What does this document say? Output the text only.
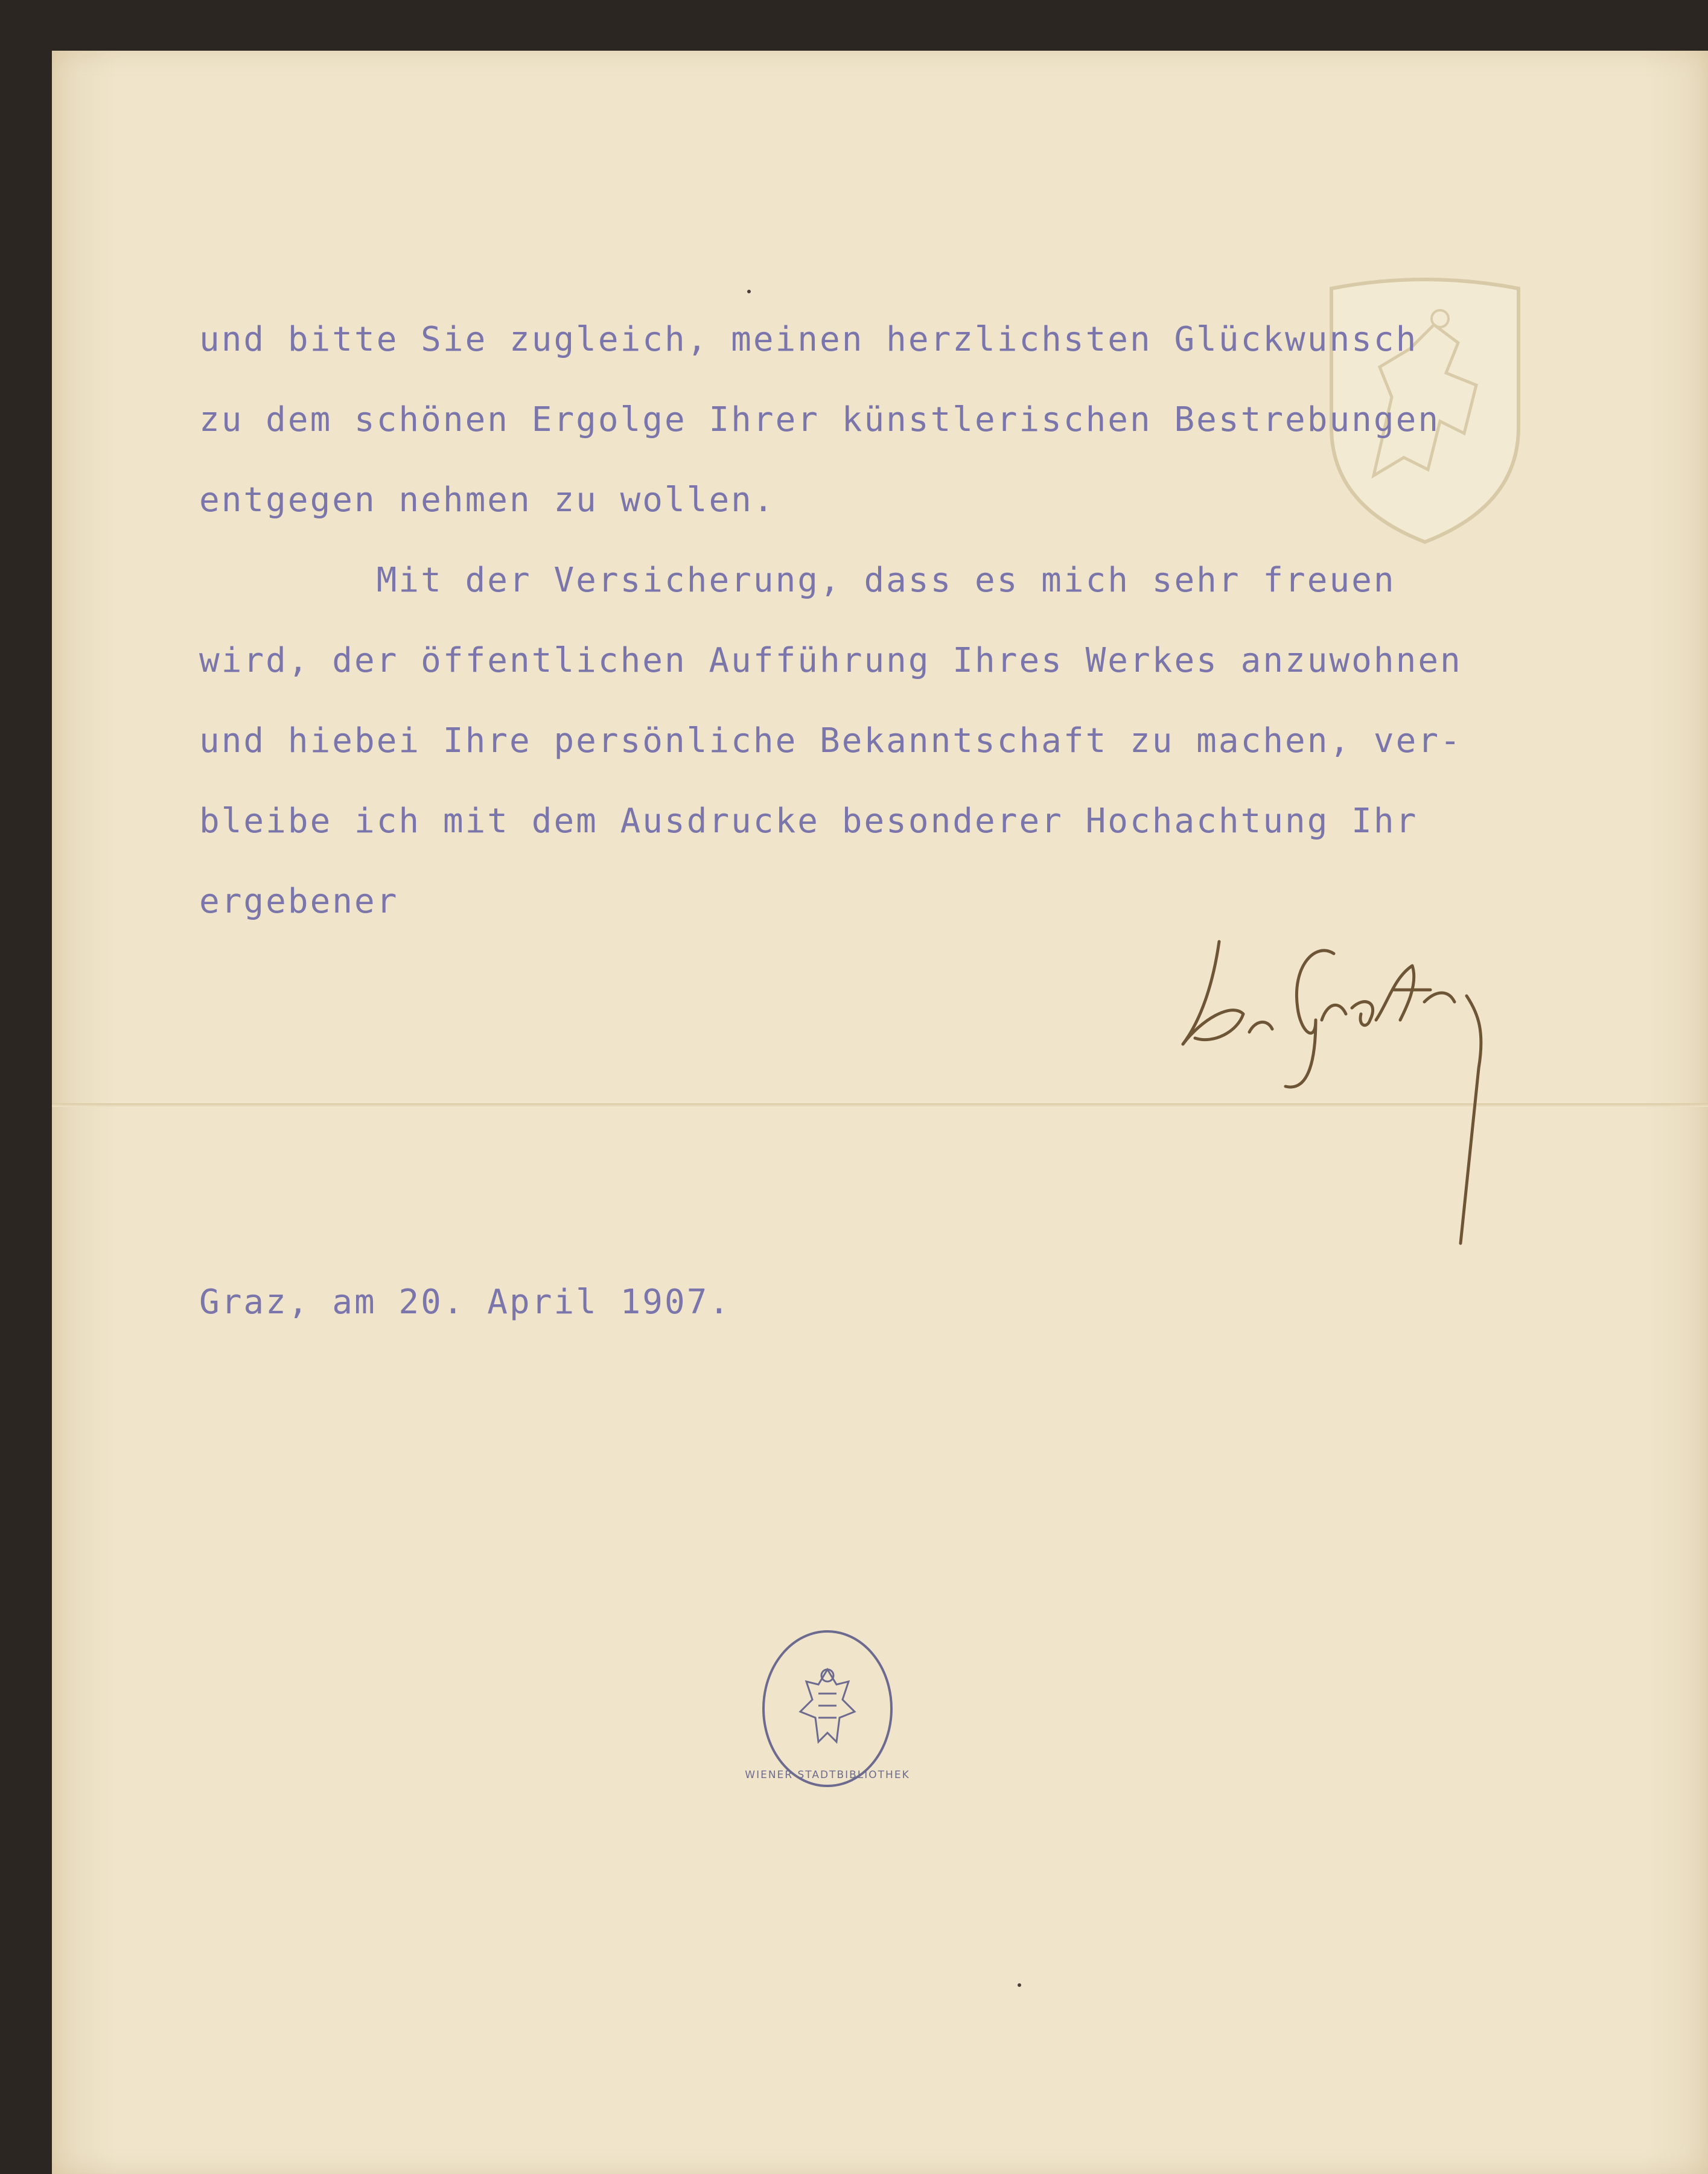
und bitte Sie zugleich, meinen herzlichsten Glückwunsch

zu dem schönen Ergolge Ihrer künstlerischen Bestrebungen

entgegen nehmen zu wollen.

Mit der Versicherung, dass es mich sehr freuen

wird, der öffentlichen Aufführung Ihres Werkes anzuwohnen

und hiebei Ihre persönliche Bekanntschaft zu machen, ver-

bleibe ich mit dem Ausdrucke besonderer Hochachtung Ihr

ergebener

Graz, am 20. April 1907.

WIENER STADTBIBLIOTHEK
